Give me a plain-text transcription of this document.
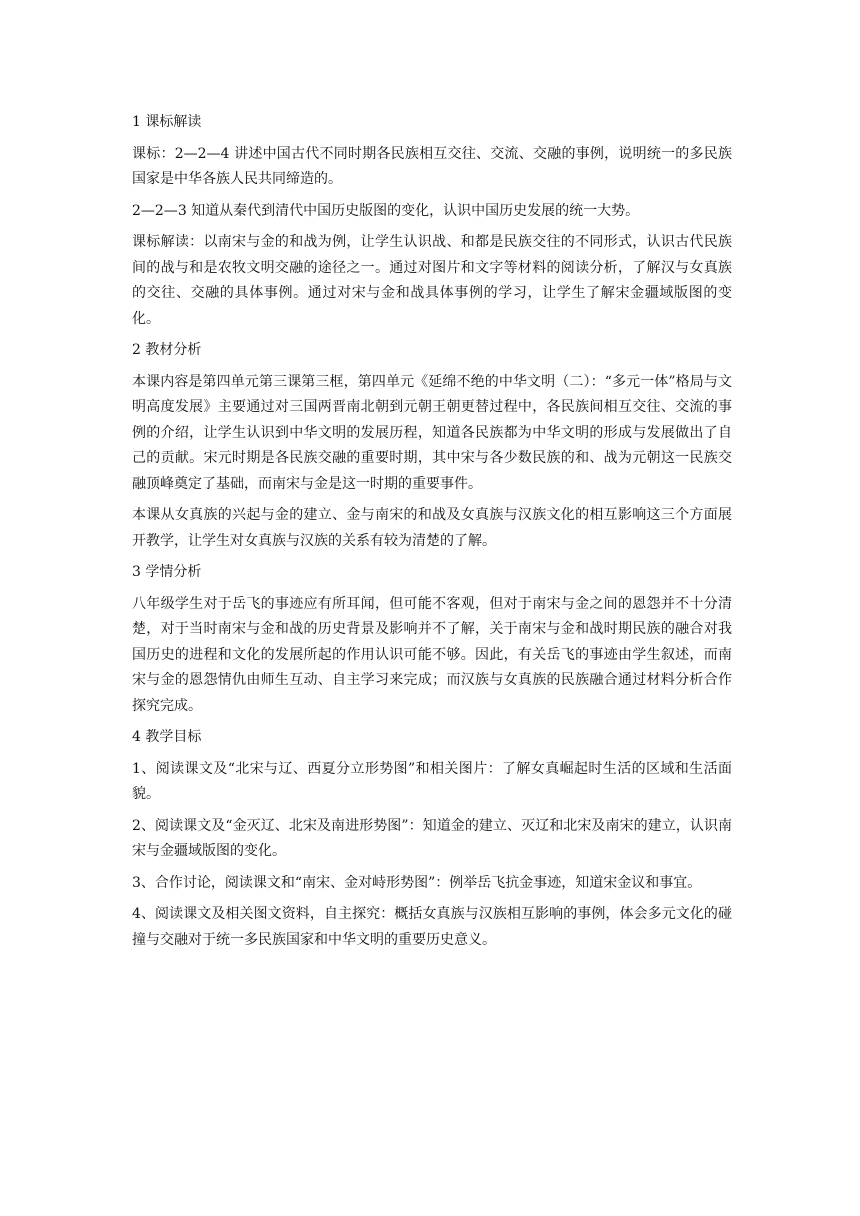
1 课标解读

课标：2—2—4 讲述中国古代不同时期各民族相互交往、交流、交融的事例，说明统一的多民族国家是中华各族人民共同缔造的。

2—2—3 知道从秦代到清代中国历史版图的变化，认识中国历史发展的统一大势。

课标解读：以南宋与金的和战为例，让学生认识战、和都是民族交往的不同形式，认识古代民族间的战与和是农牧文明交融的途径之一。通过对图片和文字等材料的阅读分析，了解汉与女真族的交往、交融的具体事例。通过对宋与金和战具体事例的学习，让学生了解宋金疆域版图的变化。

2 教材分析

本课内容是第四单元第三课第三框，第四单元《延绵不绝的中华文明（二）：“多元一体”格局与文明高度发展》主要通过对三国两晋南北朝到元朝王朝更替过程中，各民族间相互交往、交流的事例的介绍，让学生认识到中华文明的发展历程，知道各民族都为中华文明的形成与发展做出了自己的贡献。宋元时期是各民族交融的重要时期，其中宋与各少数民族的和、战为元朝这一民族交融顶峰奠定了基础，而南宋与金是这一时期的重要事件。

本课从女真族的兴起与金的建立、金与南宋的和战及女真族与汉族文化的相互影响这三个方面展开教学，让学生对女真族与汉族的关系有较为清楚的了解。

3 学情分析

八年级学生对于岳飞的事迹应有所耳闻，但可能不客观，但对于南宋与金之间的恩怨并不十分清楚，对于当时南宋与金和战的历史背景及影响并不了解，关于南宋与金和战时期民族的融合对我国历史的进程和文化的发展所起的作用认识可能不够。因此，有关岳飞的事迹由学生叙述，而南宋与金的恩怨情仇由师生互动、自主学习来完成；而汉族与女真族的民族融合通过材料分析合作探究完成。

4 教学目标

1、阅读课文及“北宋与辽、西夏分立形势图”和相关图片：了解女真崛起时生活的区域和生活面貌。

2、阅读课文及“金灭辽、北宋及南进形势图”：知道金的建立、灭辽和北宋及南宋的建立，认识南宋与金疆域版图的变化。

3、合作讨论，阅读课文和“南宋、金对峙形势图”：例举岳飞抗金事迹，知道宋金议和事宜。

4、阅读课文及相关图文资料，自主探究：概括女真族与汉族相互影响的事例，体会多元文化的碰撞与交融对于统一多民族国家和中华文明的重要历史意义。
